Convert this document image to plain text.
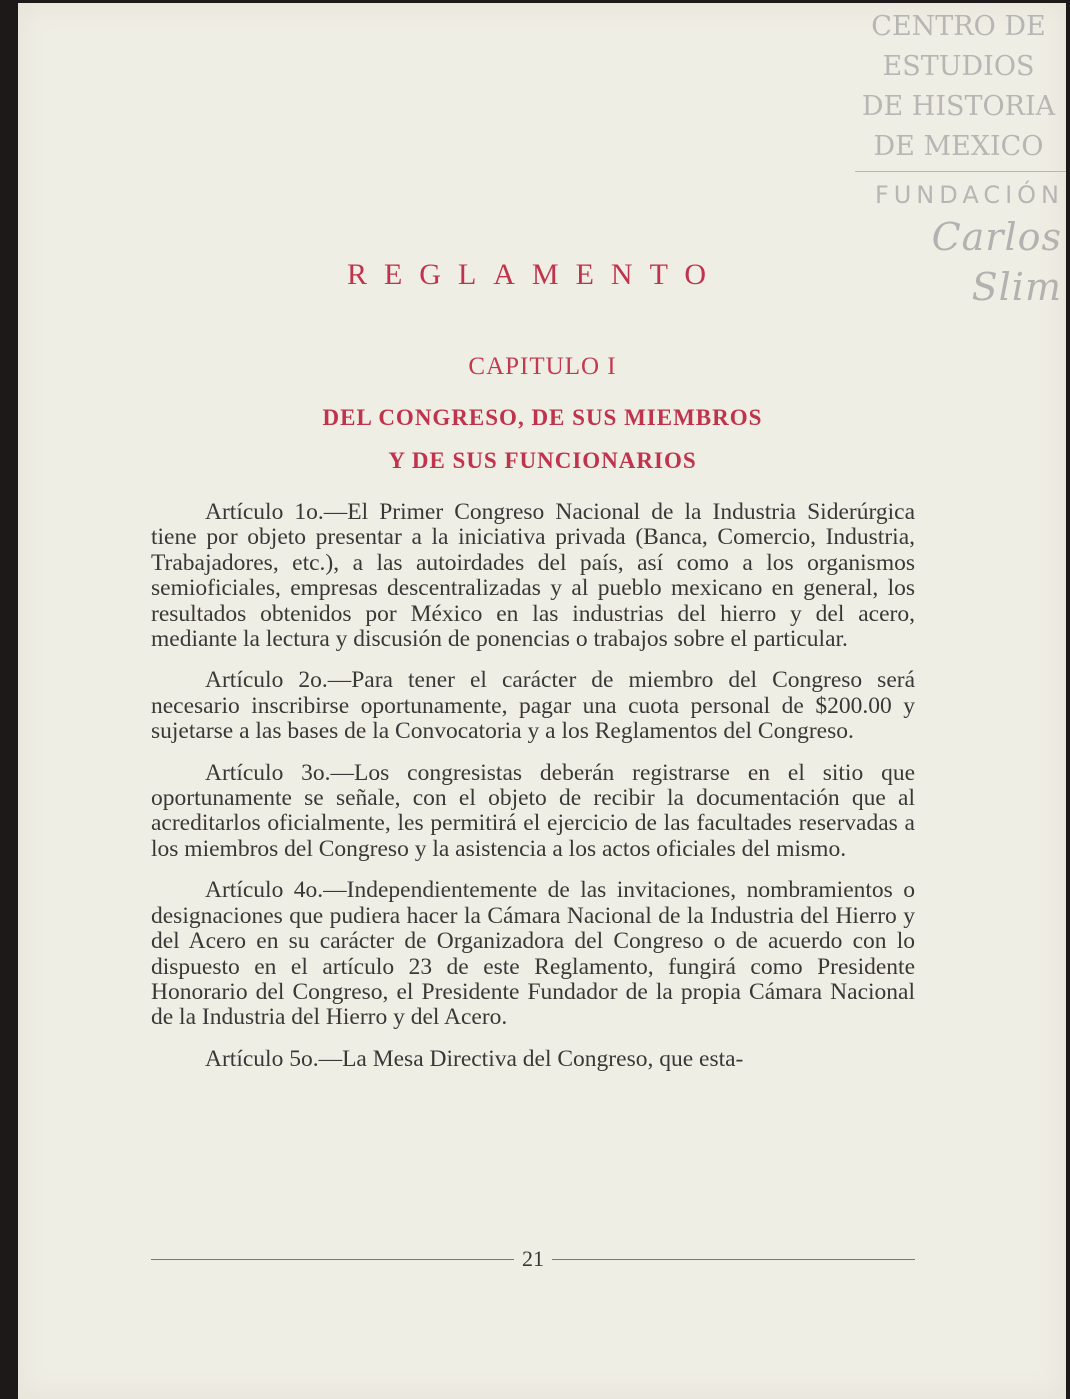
CENTRO DE
ESTUDIOS
DE HISTORIA
DE MEXICO
FUNDACIÓN
Carlos Slim
REGLAMENTO
CAPITULO I
DEL CONGRESO, DE SUS MIEMBROS
Y DE SUS FUNCIONARIOS

Artículo 1o.—El Primer Congreso Nacional de la Industria Siderúrgica tiene por objeto presentar a la iniciativa privada (Banca, Comercio, Industria, Trabajadores, etc.), a las autoirdades del país, así como a los organismos semioficiales, empresas descentralizadas y al pueblo mexicano en general, los resultados obtenidos por México en las industrias del hierro y del acero, mediante la lectura y discusión de ponencias o trabajos sobre el particular.

Artículo 2o.—Para tener el carácter de miembro del Congreso será necesario inscribirse oportunamente, pagar una cuota personal de $200.00 y sujetarse a las bases de la Convocatoria y a los Reglamentos del Congreso.

Artículo 3o.—Los congresistas deberán registrarse en el sitio que oportunamente se señale, con el objeto de recibir la documentación que al acreditarlos oficialmente, les permitirá el ejercicio de las facultades reservadas a los miembros del Congreso y la asistencia a los actos oficiales del mismo.

Artículo 4o.—Independientemente de las invitaciones, nombramientos o designaciones que pudiera hacer la Cámara Nacional de la Industria del Hierro y del Acero en su carácter de Organizadora del Congreso o de acuerdo con lo dispuesto en el artículo 23 de este Reglamento, fungirá como Presidente Honorario del Congreso, el Presidente Fundador de la propia Cámara Nacional de la Industria del Hierro y del Acero.

Artículo 5o.—La Mesa Directiva del Congreso, que esta-

21
